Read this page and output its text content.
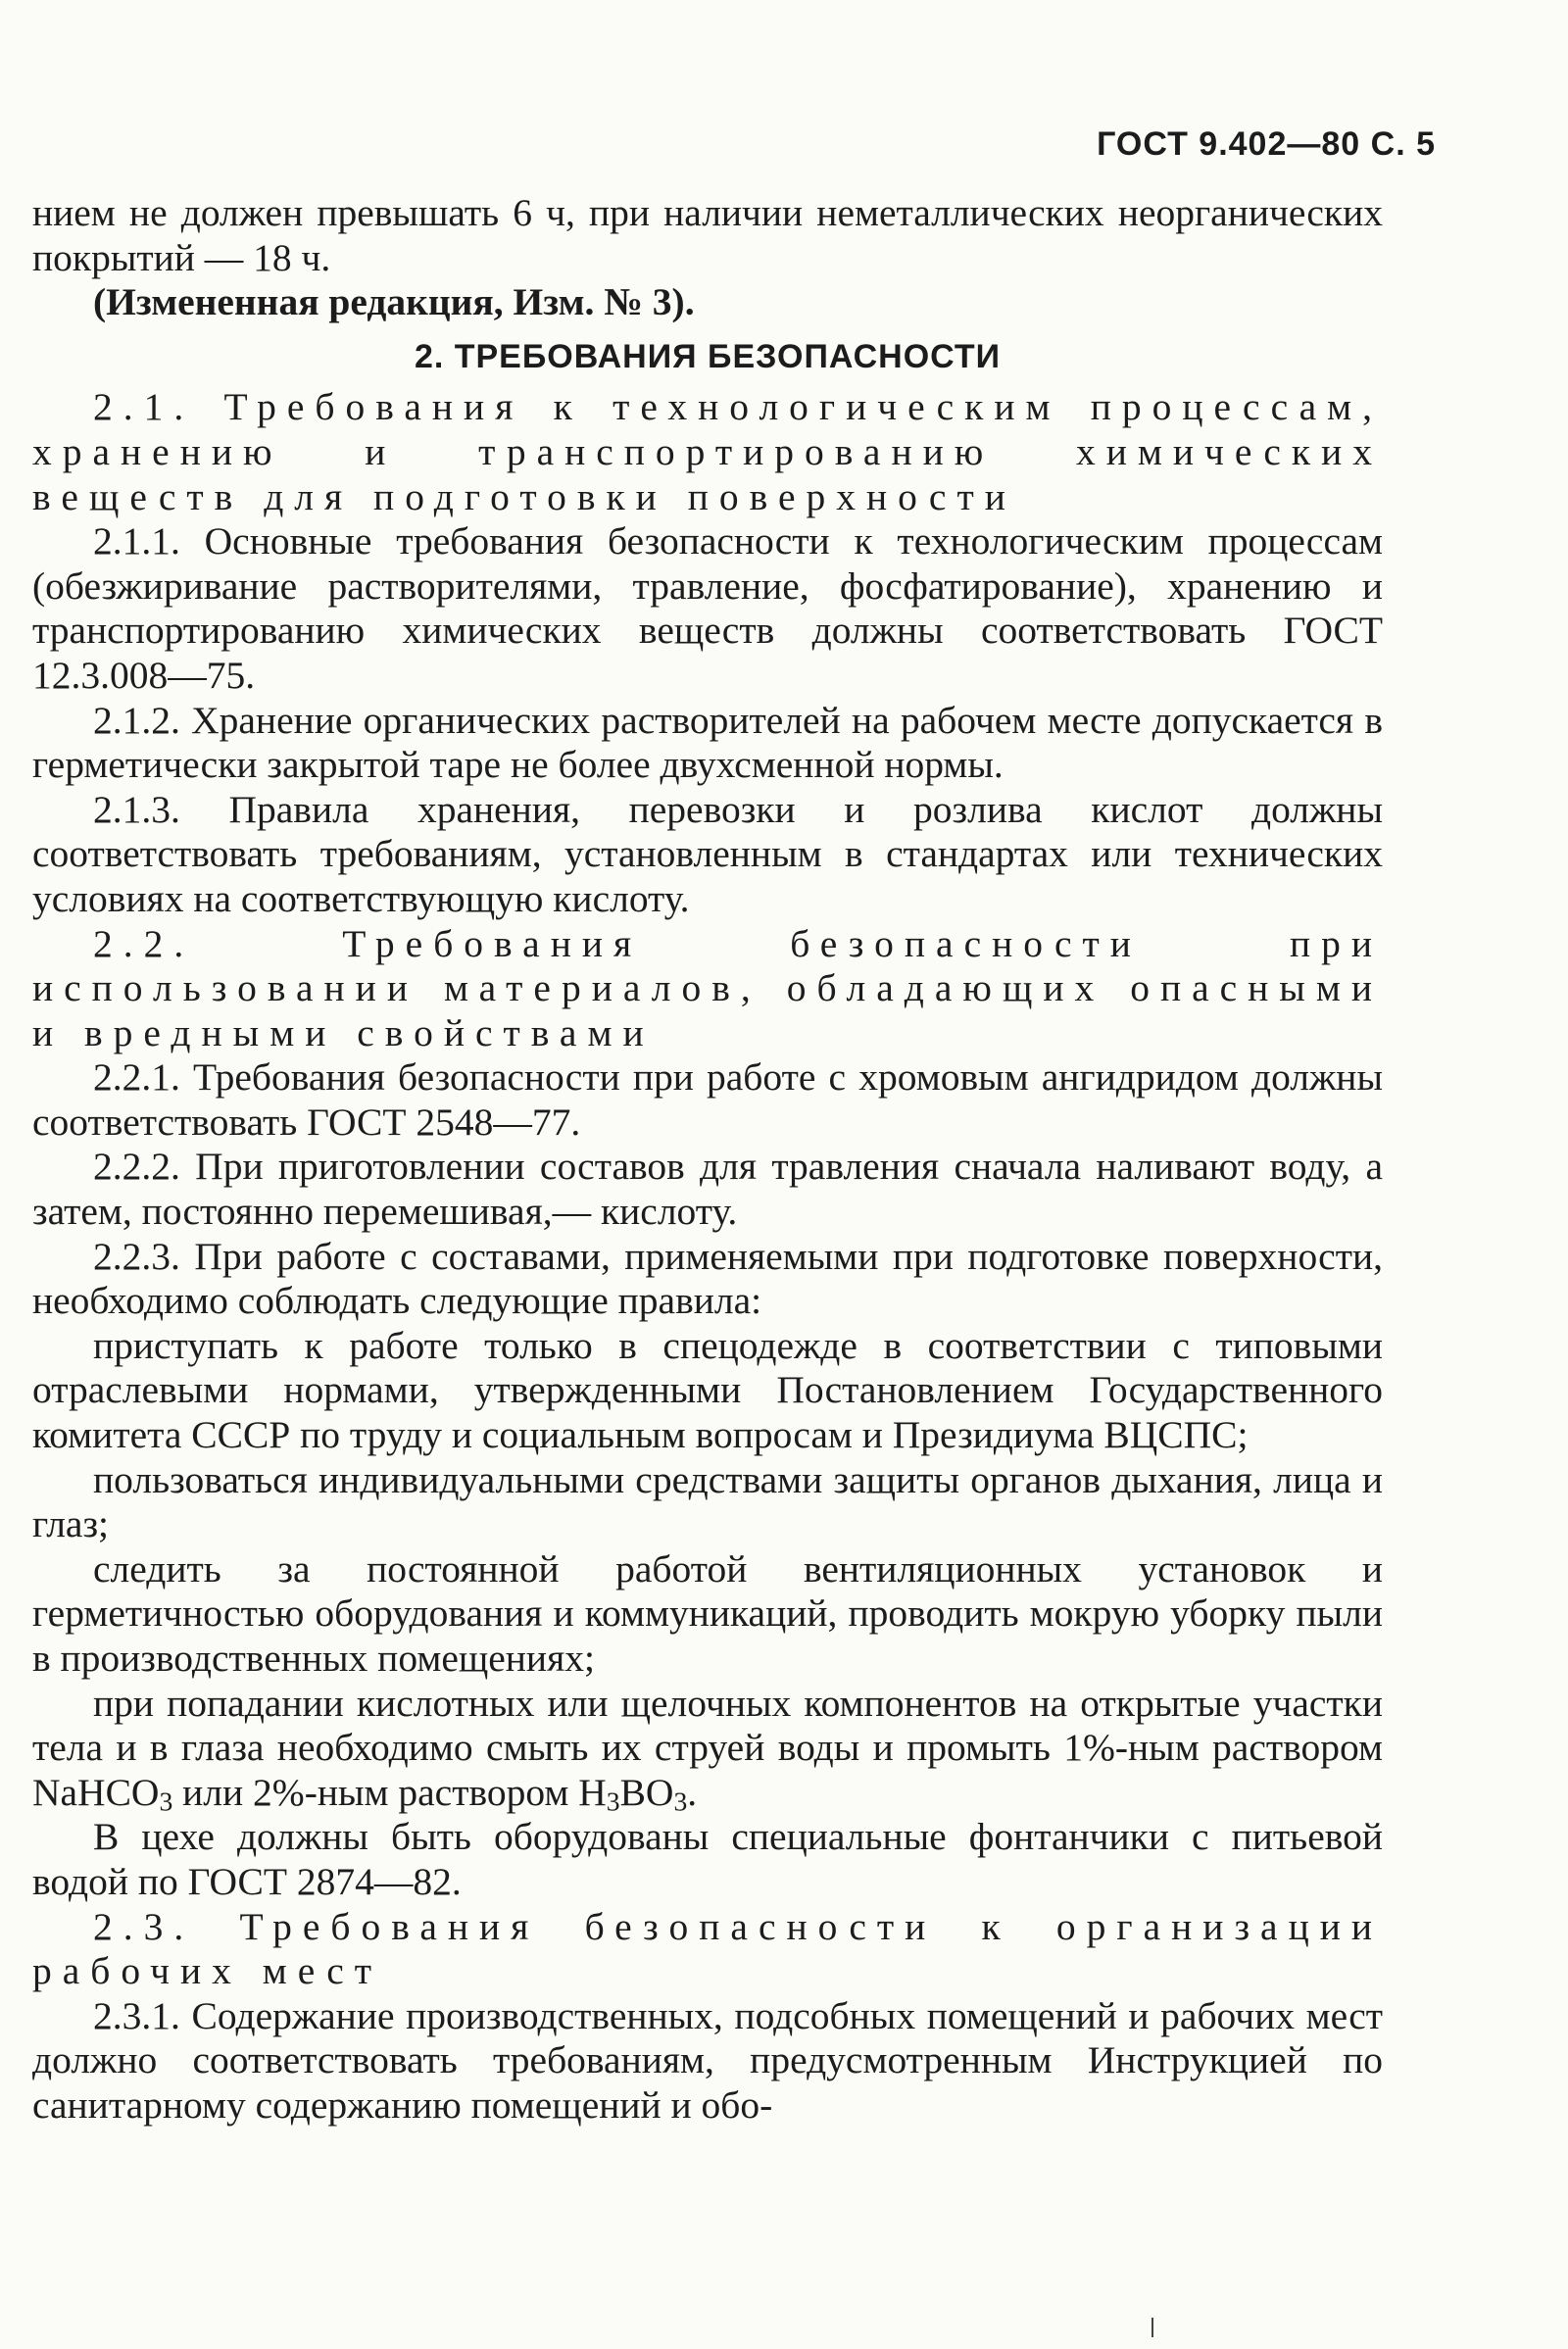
ГОСТ 9.402—80 С. 5

нием не должен превышать 6 ч, при наличии неметаллических неорганических покрытий — 18 ч.

(Измененная редакция, Изм. № 3).

2. ТРЕБОВАНИЯ БЕЗОПАСНОСТИ

2.1. Требования к технологическим процессам, хранению и транспортированию химических веществ для подготовки поверхности

2.1.1. Основные требования безопасности к технологическим процессам (обезжиривание растворителями, травление, фосфатирование), хранению и транспортированию химических веществ должны соответствовать ГОСТ 12.3.008—75.

2.1.2. Хранение органических растворителей на рабочем месте допускается в герметически закрытой таре не более двухсменной нормы.

2.1.3. Правила хранения, перевозки и розлива кислот должны соответствовать требованиям, установленным в стандартах или технических условиях на соответствующую кислоту.

2.2. Требования безопасности при использовании материалов, обладающих опасными и вредными свойствами

2.2.1. Требования безопасности при работе с хромовым ангидридом должны соответствовать ГОСТ 2548—77.

2.2.2. При приготовлении составов для травления сначала наливают воду, а затем, постоянно перемешивая,— кислоту.

2.2.3. При работе с составами, применяемыми при подготовке поверхности, необходимо соблюдать следующие правила:

приступать к работе только в спецодежде в соответствии с типовыми отраслевыми нормами, утвержденными Постановлением Государственного комитета СССР по труду и социальным вопросам и Президиума ВЦСПС;

пользоваться индивидуальными средствами защиты органов дыхания, лица и глаз;

следить за постоянной работой вентиляционных установок и герметичностью оборудования и коммуникаций, проводить мокрую уборку пыли в производственных помещениях;

при попадании кислотных или щелочных компонентов на открытые участки тела и в глаза необходимо смыть их струей воды и промыть 1%-ным раствором NaHCO$_3$ или 2%-ным раствором $H_3BO_3$.

В цехе должны быть оборудованы специальные фонтанчики с питьевой водой по ГОСТ 2874—82.

2.3. Требования безопасности к организации рабочих мест

2.3.1. Содержание производственных, подсобных помещений и рабочих мест должно соответствовать требованиям, предусмотренным Инструкцией по санитарному содержанию помещений и обо-
